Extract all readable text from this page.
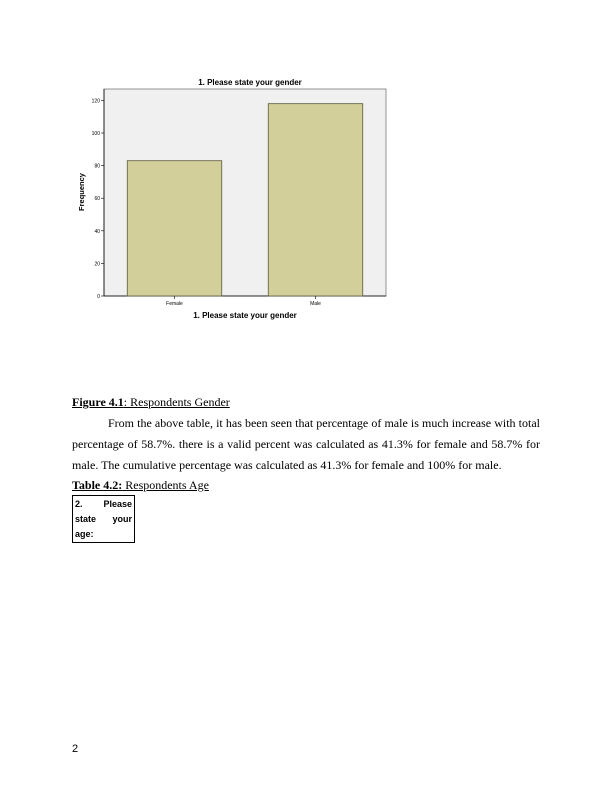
1. Please state your gender
0
20
40
60
80
100
120
Female	Male
Frequency
1. Please state your gender
Figure 4.1: Respondents Gender

From the above table, it has been seen that percentage of male is much increase with total percentage of 58.7%. there is a valid percent was calculated as 41.3% for female and 58.7% for male. The cumulative percentage was calculated as 41.3% for female and 100% for male.

Table 4.2: Respondents Age
2. Please
state your
age:
2
